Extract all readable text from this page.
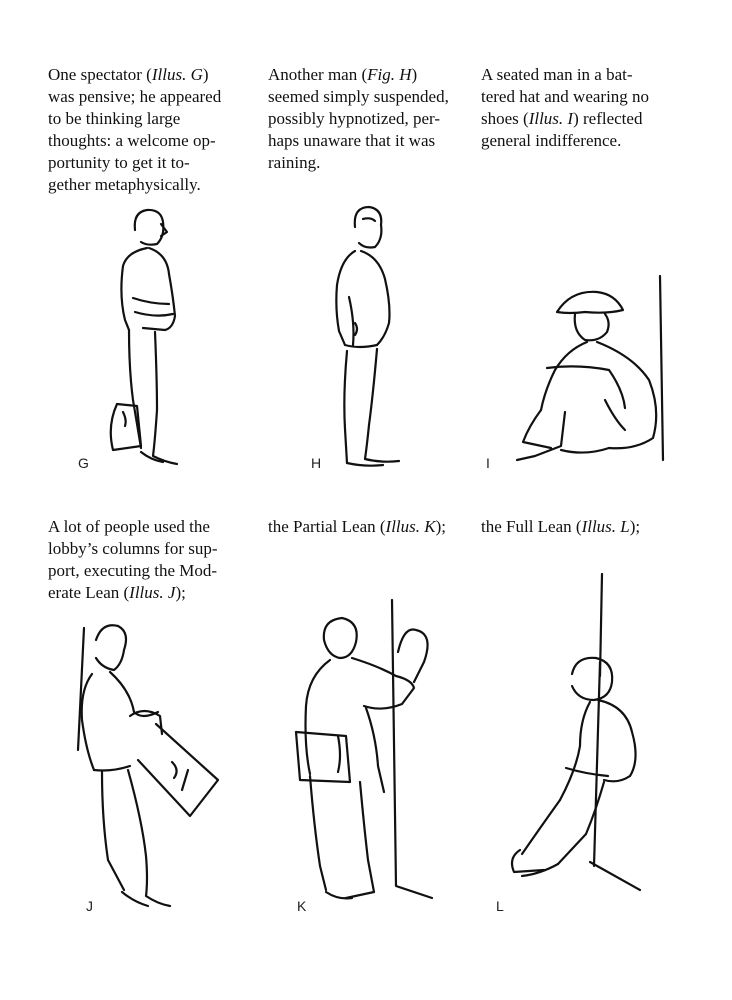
One spectator (Illus. G)
was pensive; he appeared
to be thinking large
thoughts: a welcome op-
portunity to get it to-
gether metaphysically.

Another man (Fig. H)
seemed simply suspended,
possibly hypnotized, per-
haps unaware that it was
raining.

A seated man in a bat-
tered hat and wearing no
shoes (Illus. I) reflected
general indifference.

G	H	I

A lot of people used the
lobby’s columns for sup-
port, executing the Mod-
erate Lean (Illus. J);

the Partial Lean (Illus. K);	the Full Lean (Illus. L);

J	K	L
